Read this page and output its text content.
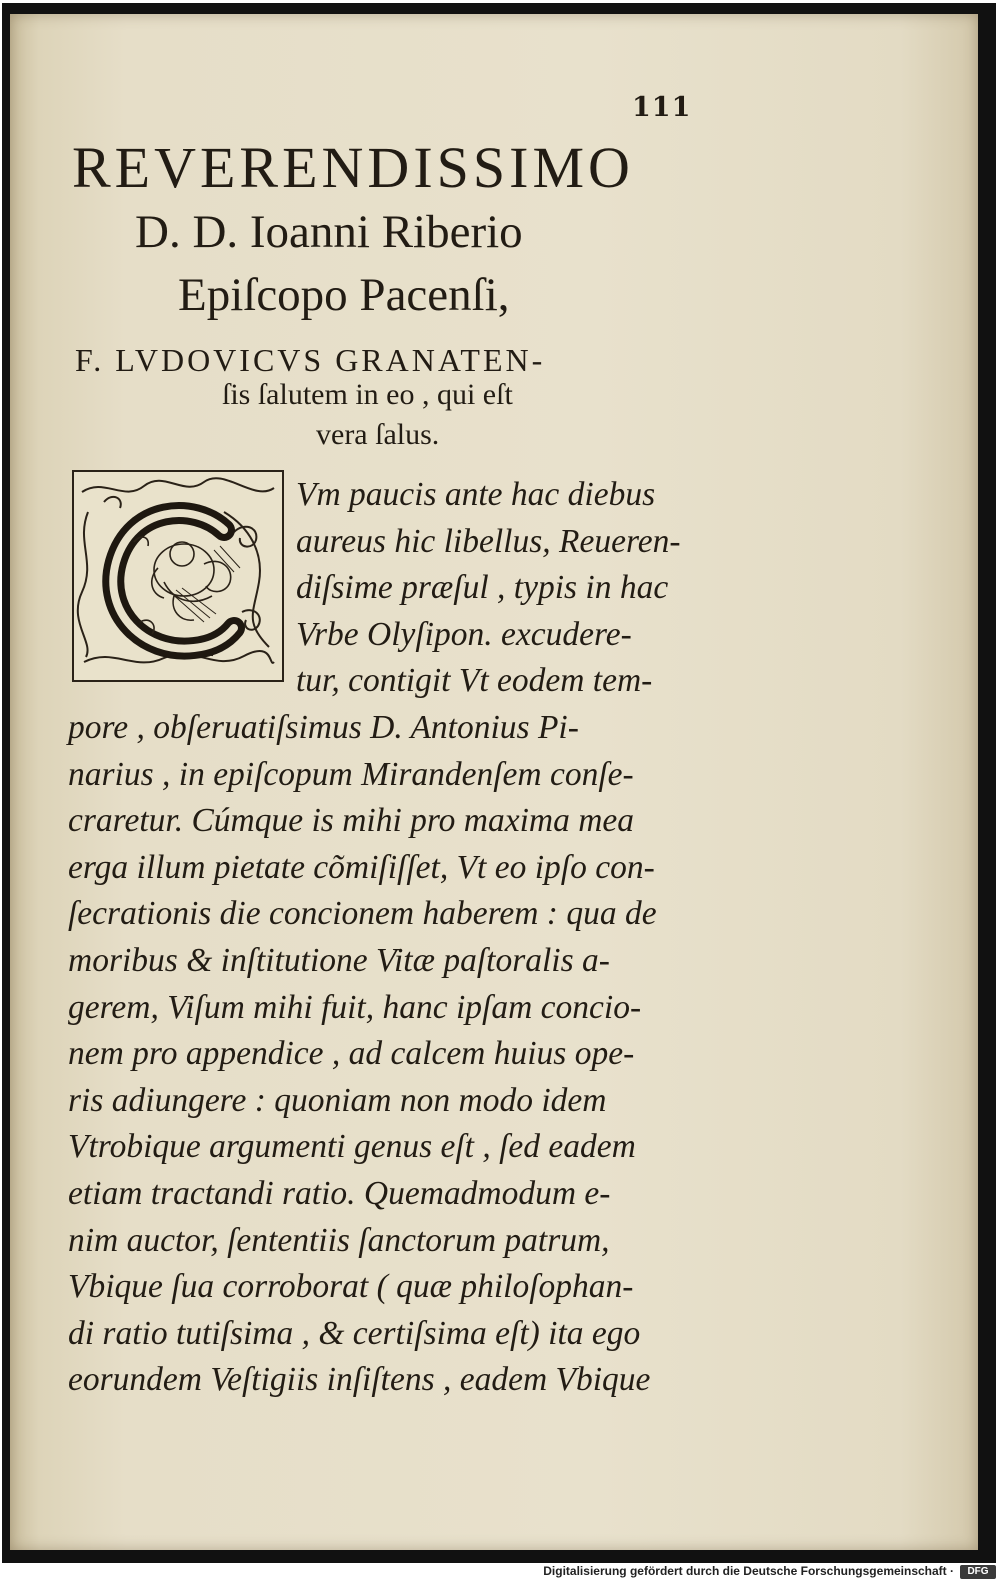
111
REVERENDISSIMO
D. D. Ioanni Riberio
Epiſcopo Pacenſi,
F. LVDOVICVS GRANATEN-
ſis ſalutem in eo , qui eſt
vera ſalus.
Vm paucis ante hac diebus
aureus hic libellus, Reueren-
diſsime præſul , typis in hac
Vrbe Olyſipon. excudere-
tur, contigit Vt eodem tem-
pore , obſeruatiſsimus D. Antonius Pi-
narius , in epiſcopum Mirandenſem conſe-
craretur. Cúmque is mihi pro maxima mea
erga illum pietate cõmiſiſſet, Vt eo ipſo con-
ſecrationis die concionem haberem : qua de
moribus & inſtitutione Vitæ paſtoralis a-
gerem, Viſum mihi fuit, hanc ipſam concio-
nem pro appendice , ad calcem huius ope-
ris adiungere : quoniam non modo idem
Vtrobique argumenti genus eſt , ſed eadem
etiam tractandi ratio. Quemadmodum e-
nim auctor, ſententiis ſanctorum patrum,
Vbique ſua corroborat ( quæ philoſophan-
di ratio tutiſsima , & certiſsima eſt) ita ego
eorundem Veſtigiis inſiſtens , eadem Vbique
Digitalisierung gefördert durch die Deutsche Forschungsgemeinschaft ·	DFG
